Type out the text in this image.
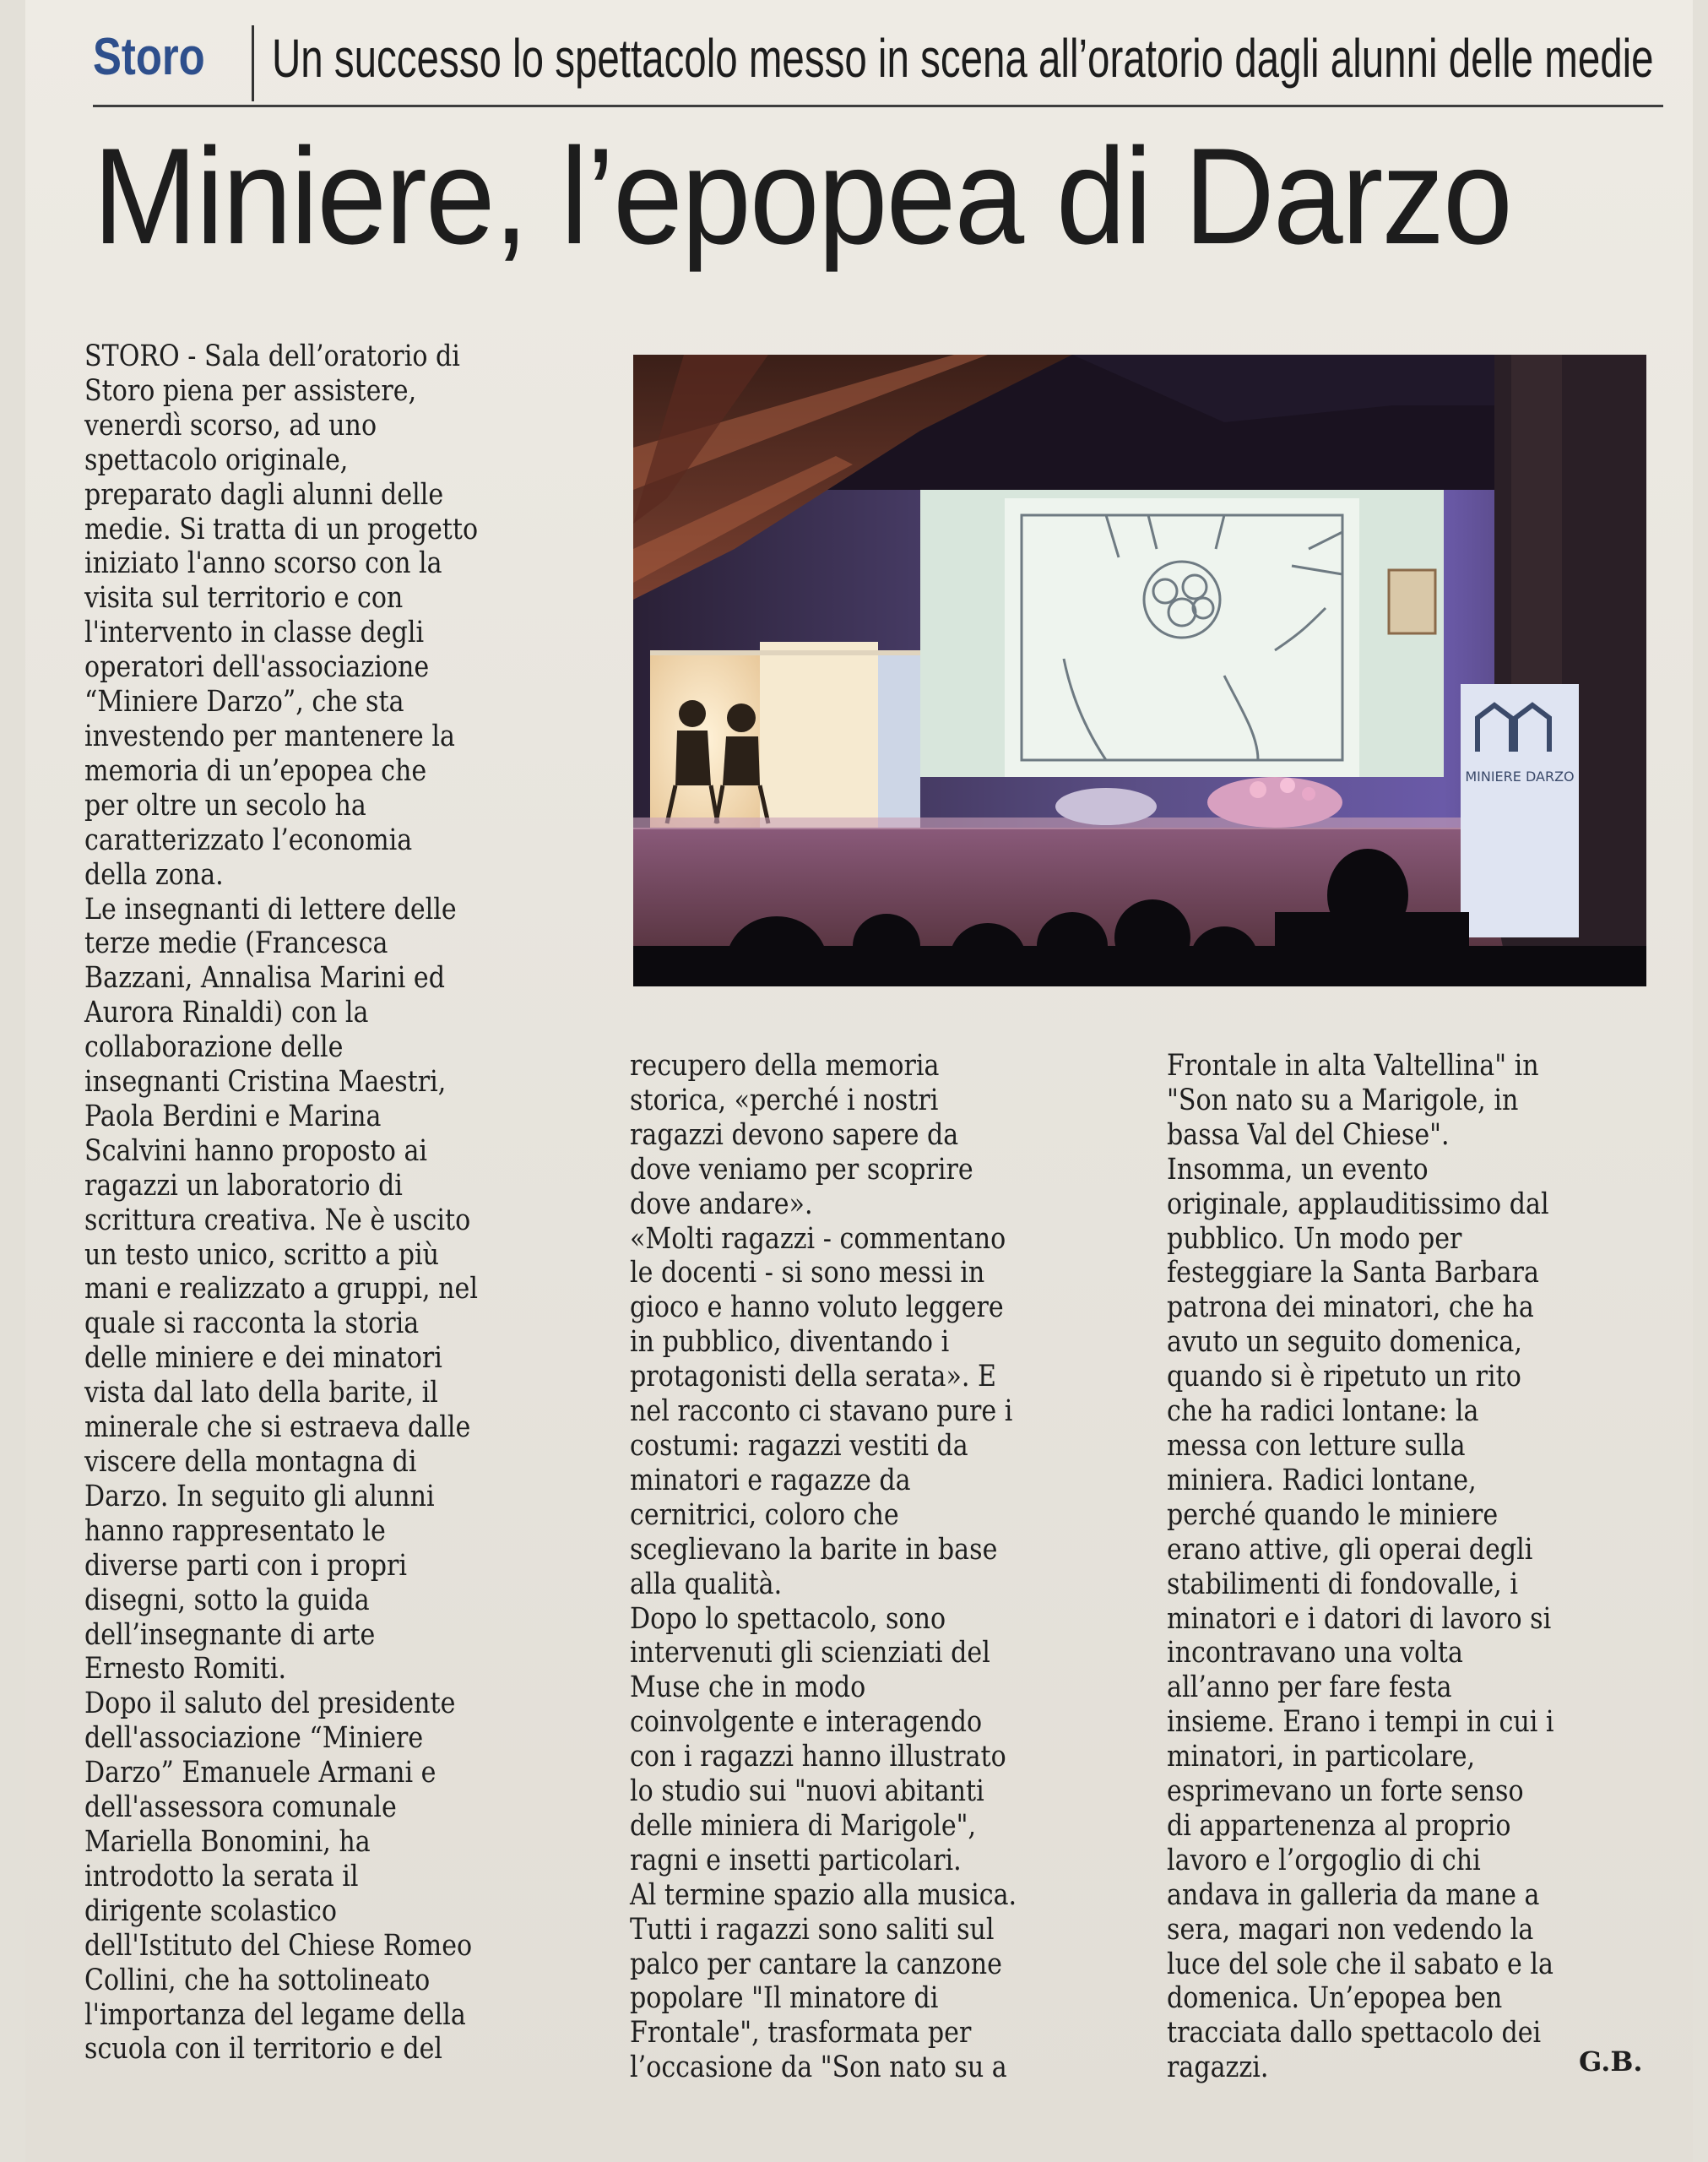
Storo Un successo lo spettacolo messo in scena all’oratorio dagli alunni delle medie
Miniere, l’epopea di Darzo
MINIERE DARZO
STORO - Sala dell’oratorio di
Storo piena per assistere,
venerdì scorso, ad uno
spettacolo originale,
preparato dagli alunni delle
medie. Si tratta di un progetto
iniziato l'anno scorso con la
visita sul territorio e con
l'intervento in classe degli
operatori dell'associazione
“Miniere Darzo”, che sta
investendo per mantenere la
memoria di un’epopea che
per oltre un secolo ha
caratterizzato l’economia
della zona.
Le insegnanti di lettere delle
terze medie (Francesca
Bazzani, Annalisa Marini ed
Aurora Rinaldi) con la
collaborazione delle
insegnanti Cristina Maestri,
Paola Berdini e Marina
Scalvini hanno proposto ai
ragazzi un laboratorio di
scrittura creativa. Ne è uscito
un testo unico, scritto a più
mani e realizzato a gruppi, nel
quale si racconta la storia
delle miniere e dei minatori
vista dal lato della barite, il
minerale che si estraeva dalle
viscere della montagna di
Darzo. In seguito gli alunni
hanno rappresentato le
diverse parti con i propri
disegni, sotto la guida
dell’insegnante di arte
Ernesto Romiti.
Dopo il saluto del presidente
dell'associazione “Miniere
Darzo” Emanuele Armani e
dell'assessora comunale
Mariella Bonomini, ha
introdotto la serata il
dirigente scolastico
dell'Istituto del Chiese Romeo
Collini, che ha sottolineato
l'importanza del legame della
scuola con il territorio e del
recupero della memoria
storica, «perché i nostri
ragazzi devono sapere da
dove veniamo per scoprire
dove andare».
«Molti ragazzi - commentano
le docenti - si sono messi in
gioco e hanno voluto leggere
in pubblico, diventando i
protagonisti della serata». E
nel racconto ci stavano pure i
costumi: ragazzi vestiti da
minatori e ragazze da
cernitrici, coloro che
sceglievano la barite in base
alla qualità.
Dopo lo spettacolo, sono
intervenuti gli scienziati del
Muse che in modo
coinvolgente e interagendo
con i ragazzi hanno illustrato
lo studio sui "nuovi abitanti
delle miniera di Marigole",
ragni e insetti particolari.
Al termine spazio alla musica.
Tutti i ragazzi sono saliti sul
palco per cantare la canzone
popolare "Il minatore di
Frontale", trasformata per
l’occasione da "Son nato su a
Frontale in alta Valtellina" in
"Son nato su a Marigole, in
bassa Val del Chiese".
Insomma, un evento
originale, applauditissimo dal
pubblico. Un modo per
festeggiare la Santa Barbara
patrona dei minatori, che ha
avuto un seguito domenica,
quando si è ripetuto un rito
che ha radici lontane: la
messa con letture sulla
miniera. Radici lontane,
perché quando le miniere
erano attive, gli operai degli
stabilimenti di fondovalle, i
minatori e i datori di lavoro si
incontravano una volta
all’anno per fare festa
insieme. Erano i tempi in cui i
minatori, in particolare,
esprimevano un forte senso
di appartenenza al proprio
lavoro e l’orgoglio di chi
andava in galleria da mane a
sera, magari non vedendo la
luce del sole che il sabato e la
domenica. Un’epopea ben
tracciata dallo spettacolo dei
ragazzi.	G.B.
